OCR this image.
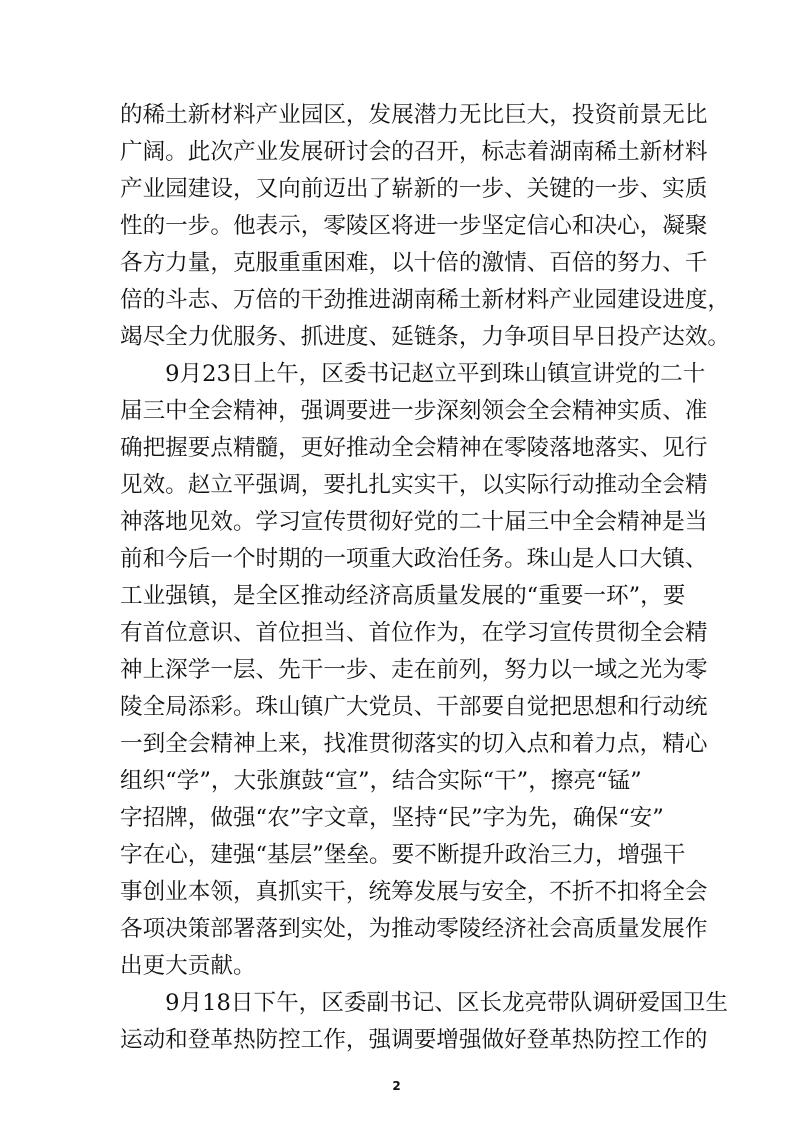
的稀土新材料产业园区，发展潜力无比巨大，投资前景无比
广阔。此次产业发展研讨会的召开，标志着湖南稀土新材料
产业园建设，又向前迈出了崭新的一步、关键的一步、实质
性的一步。他表示，零陵区将进一步坚定信心和决心，凝聚
各方力量，克服重重困难，以十倍的激情、百倍的努力、千
倍的斗志、万倍的干劲推进湖南稀土新材料产业园建设进度，
竭尽全力优服务、抓进度、延链条，力争项目早日投产达效。
　　9月23日上午，区委书记赵立平到珠山镇宣讲党的二十
届三中全会精神，强调要进一步深刻领会全会精神实质、准
确把握要点精髓，更好推动全会精神在零陵落地落实、见行
见效。赵立平强调，要扎扎实实干，以实际行动推动全会精
神落地见效。学习宣传贯彻好党的二十届三中全会精神是当
前和今后一个时期的一项重大政治任务。珠山是人口大镇、
工业强镇，是全区推动经济高质量发展的“重要一环”，要
有首位意识、首位担当、首位作为，在学习宣传贯彻全会精
神上深学一层、先干一步、走在前列，努力以一域之光为零
陵全局添彩。珠山镇广大党员、干部要自觉把思想和行动统
一到全会精神上来，找准贯彻落实的切入点和着力点，精心
组织“学”，大张旗鼓“宣”，结合实际“干”，擦亮“锰”
字招牌，做强“农”字文章，坚持“民”字为先，确保“安”
字在心，建强“基层”堡垒。要不断提升政治三力，增强干
事创业本领，真抓实干，统筹发展与安全，不折不扣将全会
各项决策部署落到实处，为推动零陵经济社会高质量发展作
出更大贡献。
　　9月18日下午，区委副书记、区长龙亮带队调研爱国卫生
运动和登革热防控工作，强调要增强做好登革热防控工作的
2
